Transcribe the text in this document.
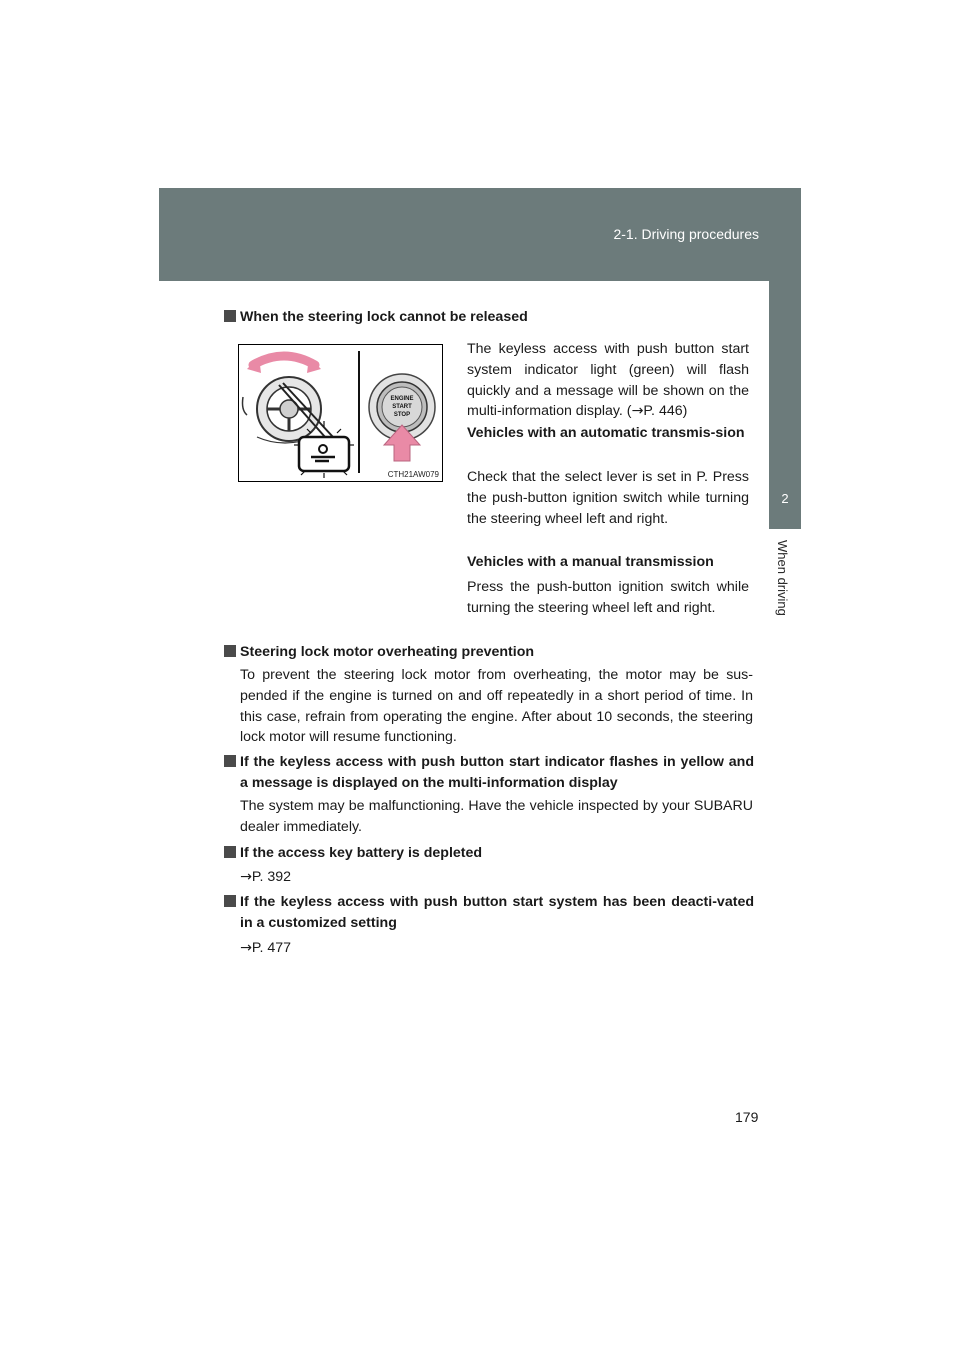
2-1. Driving procedures
2
When driving
When the steering lock cannot be released
ENGINE
START
STOP
CTH21AW079
The keyless access with push button start system indicator light (green) will flash quickly and a message will be shown on the multi-information display. (→P. 446)
Vehicles with an automatic transmis-sion
Check that the select lever is set in P. Press the push-button ignition switch while turning the steering wheel left and right.
Vehicles with a manual transmission
Press the push-button ignition switch while turning the steering wheel left and right.
Steering lock motor overheating prevention
To prevent the steering lock motor from overheating, the motor may be sus-pended if the engine is turned on and off repeatedly in a short period of time. In this case, refrain from operating the engine. After about 10 seconds, the steering lock motor will resume functioning.
If the keyless access with push button start indicator flashes in yellow and a message is displayed on the multi-information display
The system may be malfunctioning. Have the vehicle inspected by your SUBARU dealer immediately.
If the access key battery is depleted
→P. 392
If the keyless access with push button start system has been deacti-vated in a customized setting
→P. 477
179
